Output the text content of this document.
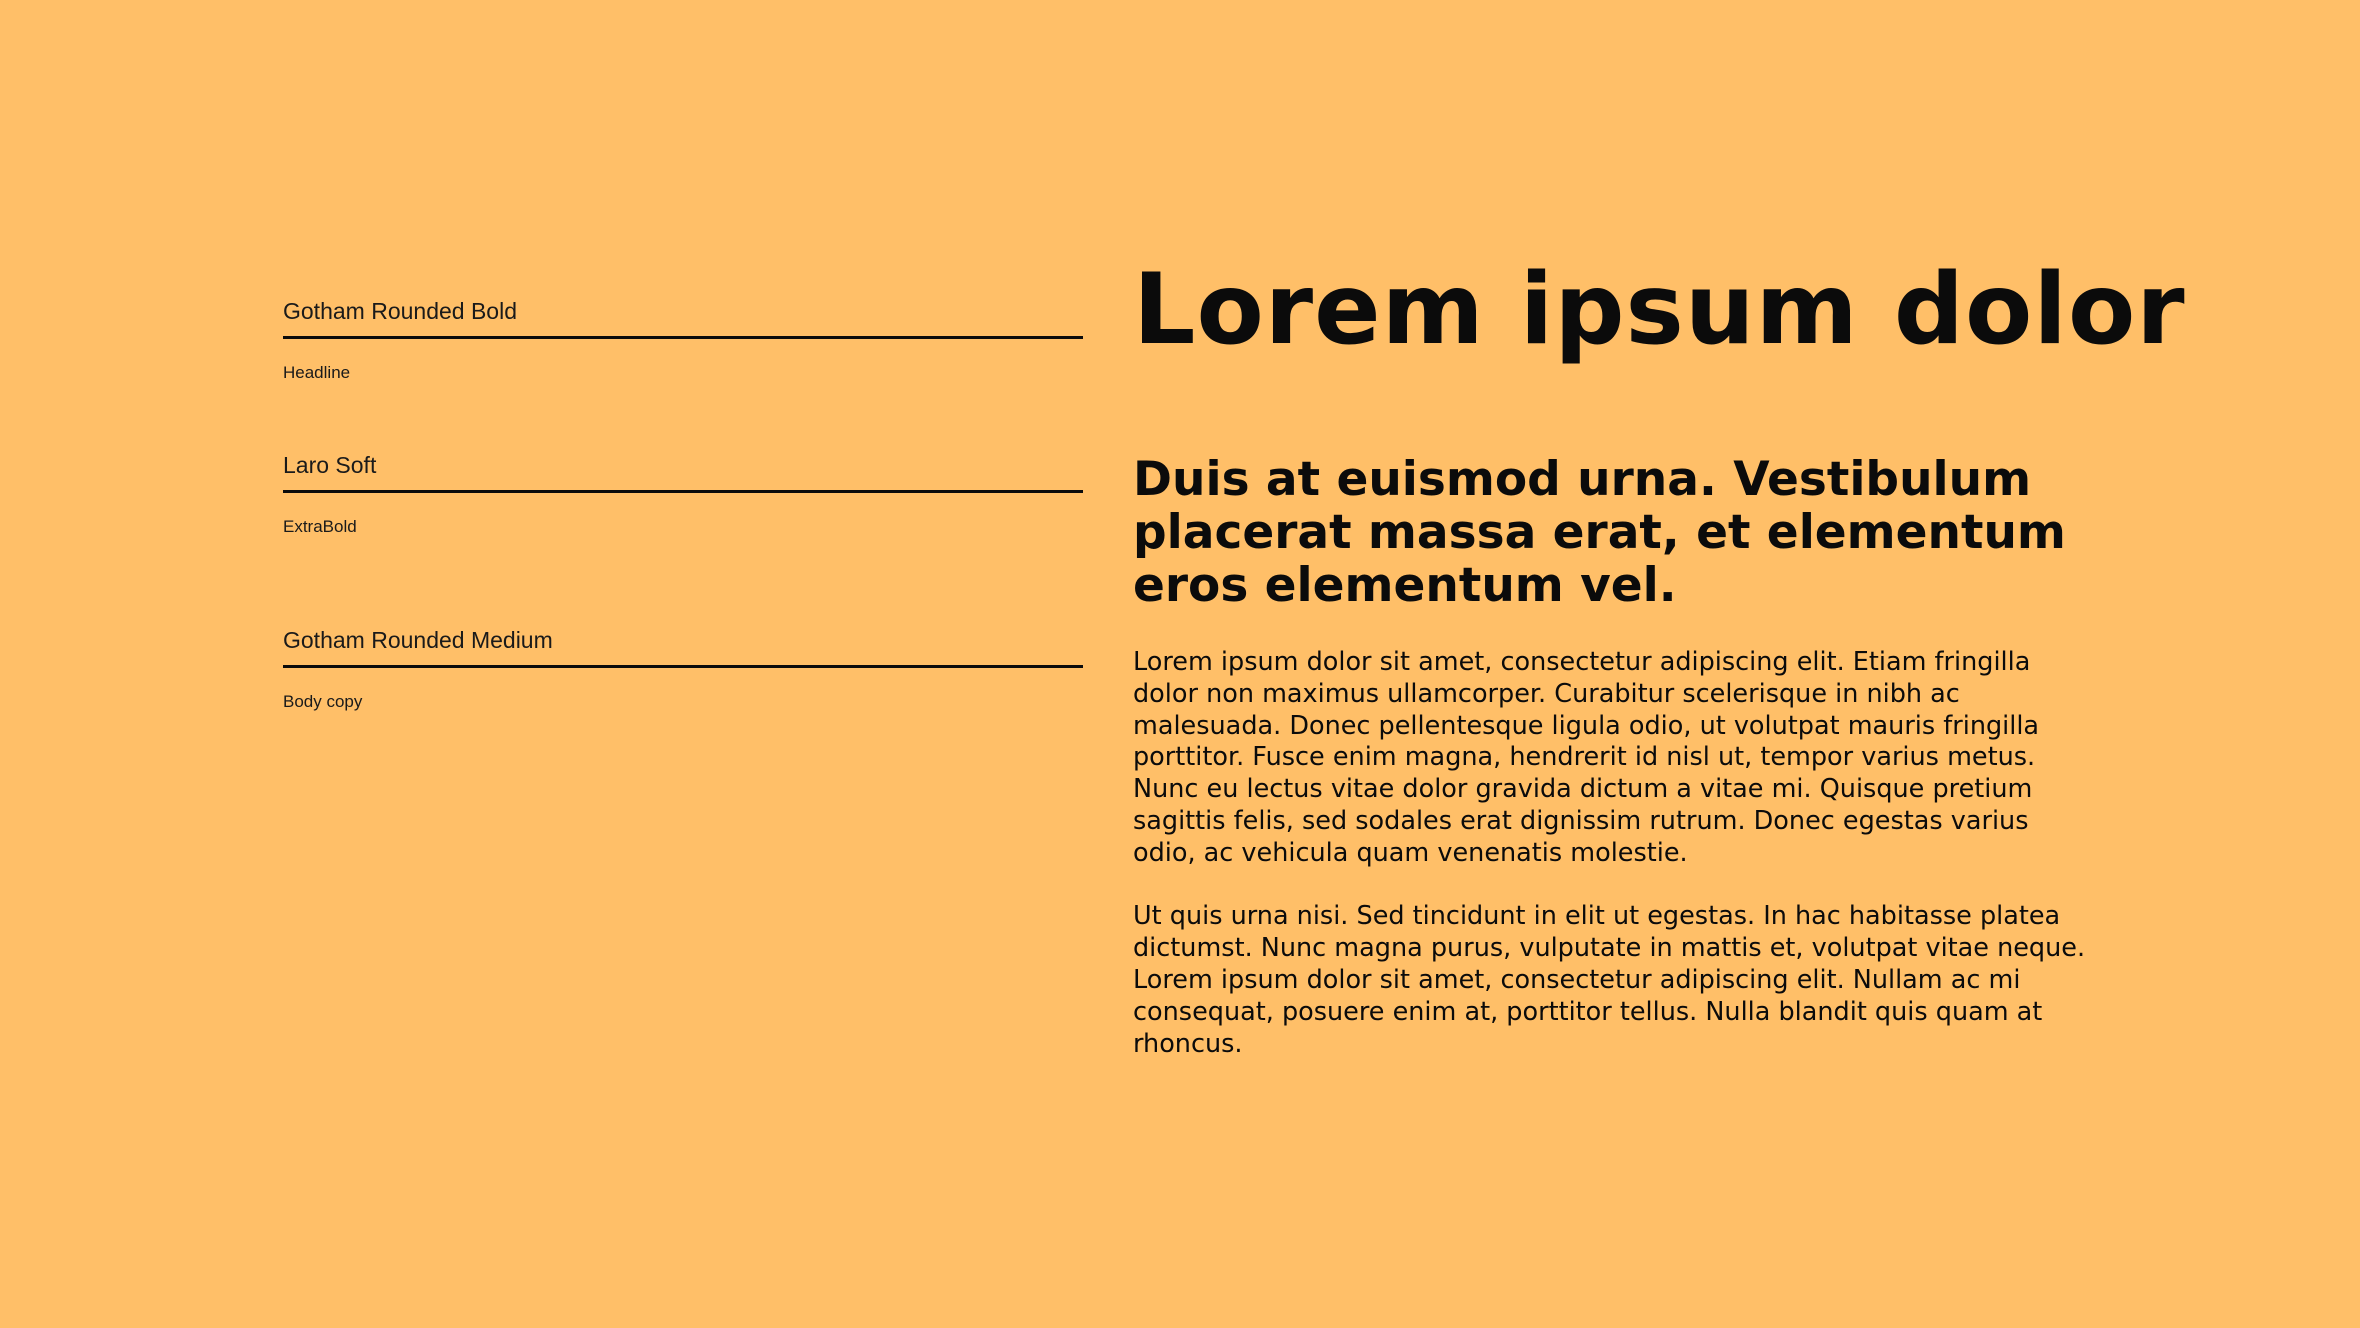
Gotham Rounded Bold
Headline
Laro Soft
ExtraBold
Gotham Rounded Medium
Body copy
Lorem ipsum dolor
Duis at euismod urna. Vestibulum placerat massa erat, et elementum eros elementum vel.

Lorem ipsum dolor sit amet, consectetur adipiscing elit. Etiam fringilla dolor non maximus ullamcorper. Curabitur scelerisque in nibh ac malesuada. Donec pellentesque ligula odio, ut volutpat mauris fringilla porttitor. Fusce enim magna, hendrerit id nisl ut, tempor varius metus. Nunc eu lectus vitae dolor gravida dictum a vitae mi. Quisque pretium sagittis felis, sed sodales erat dignissim rutrum. Donec egestas varius odio, ac vehicula quam venenatis molestie.

Ut quis urna nisi. Sed tincidunt in elit ut egestas. In hac habitasse platea dictumst. Nunc magna purus, vulputate in mattis et, volutpat vitae neque. Lorem ipsum dolor sit amet, consectetur adipiscing elit. Nullam ac mi consequat, posuere enim at, porttitor tellus. Nulla blandit quis quam at rhoncus.
